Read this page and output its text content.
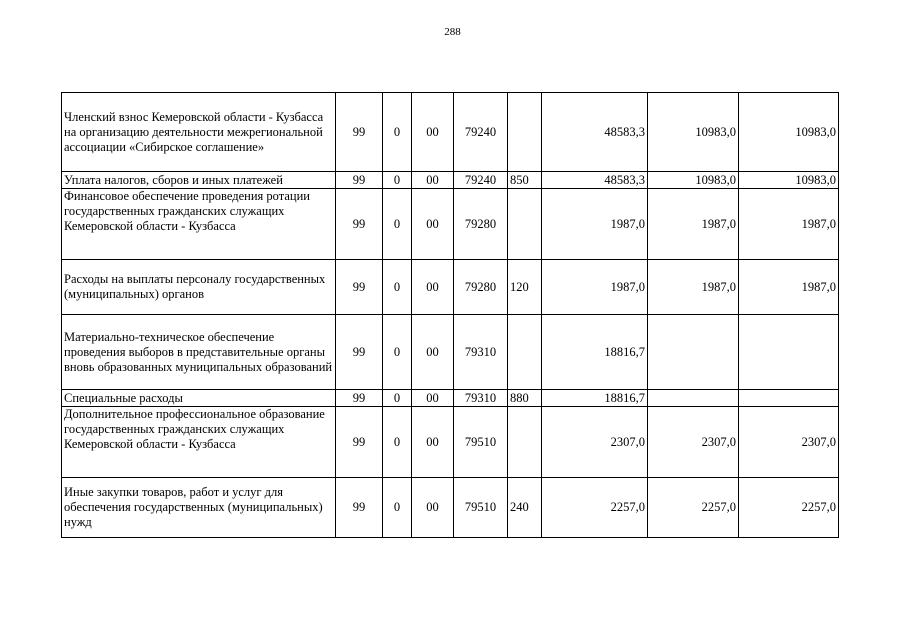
288
Членский взнос Кемеровской области - Кузбасса на организацию деятельности межрегиональной ассоциации «Сибирское соглашение»	99	0	00	79240		48583,3	10983,0	10983,0
Уплата налогов, сборов и иных платежей	99	0	00	79240	850	48583,3	10983,0	10983,0
Финансовое обеспечение проведения ротации государственных гражданских служащих Кемеровской области - Кузбасса	99	0	00	79280		1987,0	1987,0	1987,0
Расходы на выплаты персоналу государственных (муниципальных) органов	99	0	00	79280	120	1987,0	1987,0	1987,0
Материально-техническое обеспечение проведения выборов в представительные органы вновь образованных муниципальных образований	99	0	00	79310		18816,7		
Специальные расходы	99	0	00	79310	880	18816,7		
Дополнительное профессиональное образование государственных гражданских служащих Кемеровской области - Кузбасса	99	0	00	79510		2307,0	2307,0	2307,0
Иные закупки товаров, работ и услуг для обеспечения государственных (муниципальных) нужд	99	0	00	79510	240	2257,0	2257,0	2257,0
